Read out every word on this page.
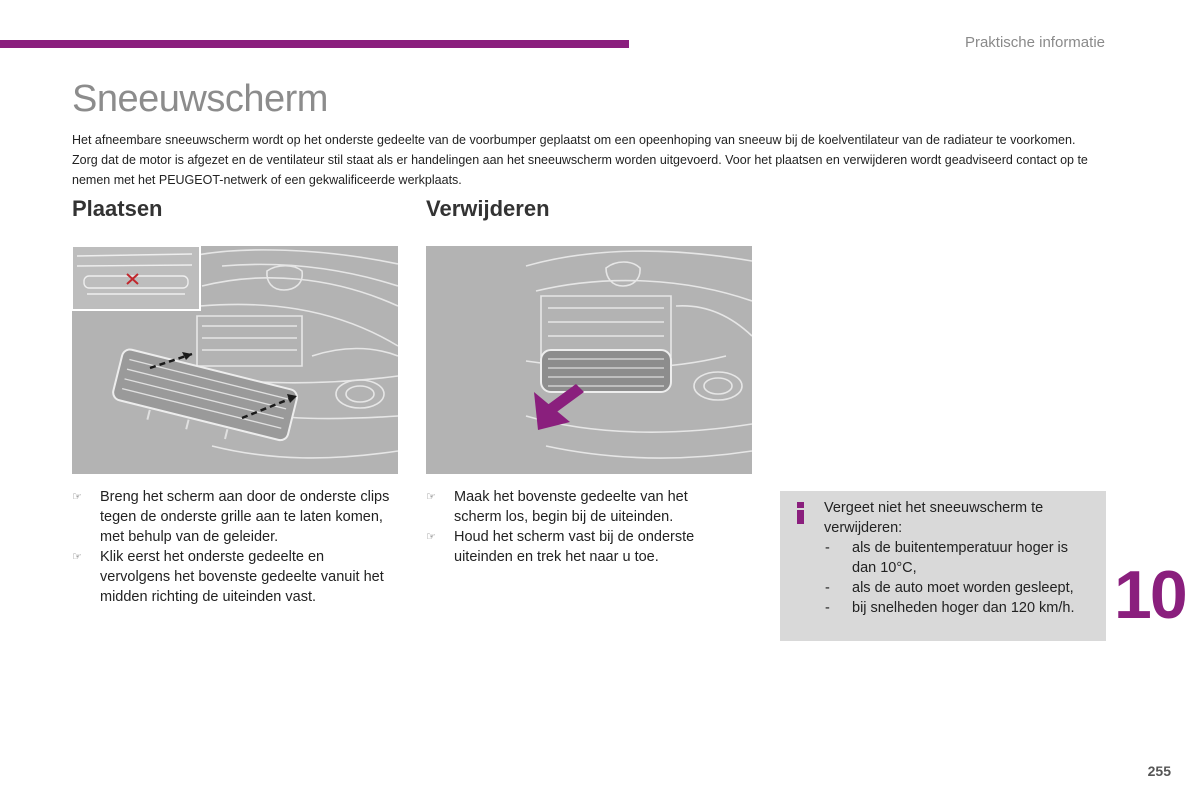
Praktische informatie
Sneeuwscherm

Het afneembare sneeuwscherm wordt op het onderste gedeelte van de voorbumper geplaatst om een opeenhoping van sneeuw bij de koelventilateur van de radiateur te voorkomen.

Zorg dat de motor is afgezet en de ventilateur stil staat als er handelingen aan het sneeuwscherm worden uitgevoerd. Voor het plaatsen en verwijderen wordt geadviseerd contact op te nemen met het PEUGEOT-netwerk of een gekwalificeerde werkplaats.

Plaatsen
☞ Breng het scherm aan door de onderste clips tegen de onderste grille aan te laten komen, met behulp van de geleider.
☞ Klik eerst het onderste gedeelte en vervolgens het bovenste gedeelte vanuit het midden richting de uiteinden vast.
Verwijderen
☞ Maak het bovenste gedeelte van het scherm los, begin bij de uiteinden.
☞ Houd het scherm vast bij de onderste uiteinden en trek het naar u toe.
Vergeet niet het sneeuwscherm te verwijderen:
- als de buitentemperatuur hoger is dan 10°C,
- als de auto moet worden gesleept,
- bij snelheden hoger dan 120 km/h. 10
255
